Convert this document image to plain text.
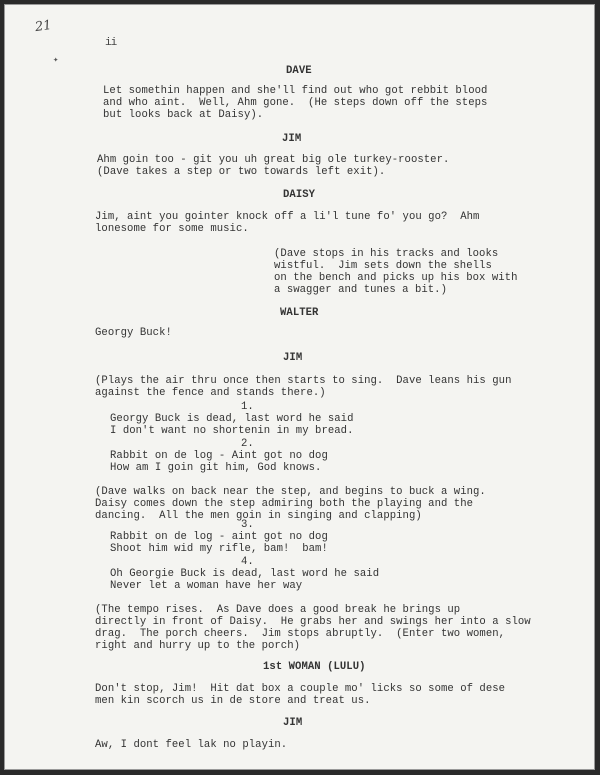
21
ii
✦
DAVE
Let somethin happen and she'll find out who got rebbit blood
and who aint.  Well, Ahm gone.  (He steps down off the steps
but looks back at Daisy).
JIM
Ahm goin too - git you uh great big ole turkey-rooster.
(Dave takes a step or two towards left exit).
DAISY
Jim, aint you gointer knock off a li'l tune fo' you go?  Ahm
lonesome for some music.
(Dave stops in his tracks and looks
wistful.  Jim sets down the shells
on the bench and picks up his box with
a swagger and tunes a bit.)
WALTER
Georgy Buck!
JIM
(Plays the air thru once then starts to sing.  Dave leans his gun
against the fence and stands there.)
1.
Georgy Buck is dead, last word he said
I don't want no shortenin in my bread.
2.
Rabbit on de log - Aint got no dog
How am I goin git him, God knows.
(Dave walks on back near the step, and begins to buck a wing.
Daisy comes down the step admiring both the playing and the
dancing.  All the men goin in singing and clapping)
3.
Rabbit on de log - aint got no dog
Shoot him wid my rifle, bam!  bam!
4.
Oh Georgie Buck is dead, last word he said
Never let a woman have her way
(The tempo rises.  As Dave does a good break he brings up
directly in front of Daisy.  He grabs her and swings her into a slow
drag.  The porch cheers.  Jim stops abruptly.  (Enter two women,
right and hurry up to the porch)
1st WOMAN (LULU)
Don't stop, Jim!  Hit dat box a couple mo' licks so some of dese
men kin scorch us in de store and treat us.
JIM
Aw, I dont feel lak no playin.
